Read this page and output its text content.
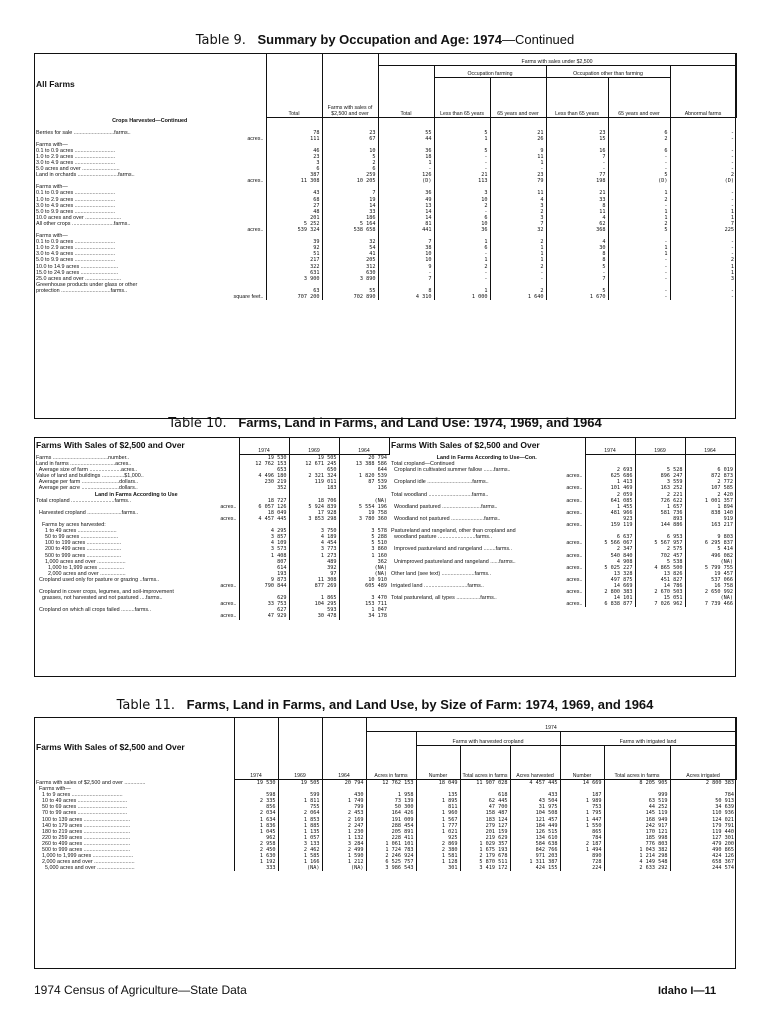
Table 9. Summary by Occupation and Age: 1974—Continued
All Farms	Total	Farms with sales of $2,500 and over	Farms with sales under $2,500					
			Total	Occupation farming		Occupation other than farming		Abnormal farms
				Less than 65 years	65 years and over	Less than 65 years	65 years and over	
Crops Harvested—Continued								
Berries for sale ...........................farms..	78	23	55	5	21	23	6	-
acres..	111	67	44	1	26	15	2	-
Farms with—								
0.1 to 0.9 acres ...........................	46	10	36	5	9	16	6	-
1.0 to 2.9 acres ...........................	23	5	18	-	11	7	-	-
3.0 to 4.9 acres ...........................	3	2	1	-	1	-	-	-
5.0 acres and over .........................	6	6	-	-	-	-	-	-

Land in orchards ...........................farms..	387	259	126	21	23	77	5	2
acres..	11 308	10 205	(D)	113	79	198	(D)	(D)
Farms with—								
0.1 to 0.9 acres ...........................	43	7	36	3	11	21	1	-
1.0 to 2.9 acres ...........................	68	19	49	10	4	33	2	-
3.0 to 4.9 acres ...........................	27	14	13	2	3	8	-	-
5.0 to 9.9 acres ...........................	48	33	14	-	2	11	1	1
10.0 acres and over ........................	201	186	14	6	3	4	1	1

All other crops ............................farms..	5 252	5 164	81	10	7	62	2	7
acres..	539 324	538 658	441	36	32	368	5	225
Farms with—								
0.1 to 0.9 acres ...........................	39	32	7	1	2	4	-	-
1.0 to 2.9 acres ...........................	92	54	38	6	1	30	1	-
3.0 to 4.9 acres ...........................	51	41	10	-	1	8	1	-
5.0 to 9.9 acres ...........................	217	205	10	1	1	8	-	2
10.0 to 14.9 acres .........................	322	312	9	2	2	5	-	1
15.0 to 24.9 acres .........................	631	630	-	-	-	-	-	1
25.0 acres and over ........................	3 900	3 890	7	-	-	7	-	3

Greenhouse products under glass or other								
protection .................................farms..	63	55	8	1	2	5	-	-
square feet..	707 200	702 890	4 310	1 000	1 640	1 670	-	-
Table 10. Farms, Land in Farms, and Land Use: 1974, 1969, and 1964
Farms With Sales of $2,500 and Over	1974	1969	1964
Farms .....................................number..	19 530	19 505	20 794
Land in farms ..............................acres..	12 762 153	12 671 245	13 388 586
Average size of farm .....................acres..	653	650	644
Value of land and buildings ...............$1,000..	4 496 180	2 321 324	1 820 539
Average per farm .........................dollars..	230 219	119 011	87 539
Average per acre .........................dollars..	352	183	136

Land in Farms According to Use			

Total cropland .............................farms..	18 727	18 706	(NA)
acres..	6 057 126	5 924 839	5 554 196
Harvested cropland .......................farms..	18 049	17 928	19 758
acres..	4 457 445	3 853 298	3 780 360
Farms by acres harvested:			
1 to 49 acres ..........................	4 295	3 750	3 578
50 to 99 acres .........................	3 857	4 189	5 288
100 to 199 acres .......................	4 109	4 454	5 510
200 to 499 acres .......................	3 573	3 773	3 860
500 to 999 acres .......................	1 408	1 273	1 160
1,000 acres and over ...................	807	489	362
1,000 to 1,999 acres .................	614	392	(NA)
2,000 acres and over .................	193	97	(NA)

Cropland used only for pasture or grazing ..farms..	9 873	11 308	10 910
acres..	790 844	877 269	605 489
Cropland in cover crops, legumes, and soil-improvement			
grasses, not harvested and not pastured ....farms..	629	1 865	3 470
acres..	33 753	104 295	153 711
Cropland on which all crops failed .........farms..	627	593	1 047
acres..	47 929	30 478	34 178
Farms With Sales of $2,500 and Over	1974	1969	1964

Land in Farms According to Use—Con.			

Total cropland—Continued			
Cropland in cultivated summer fallow .......farms..	2 693	5 528	6 019
acres..	625 686	896 247	872 873
Cropland idle ..............................farms..	1 413	3 559	2 772
acres..	101 469	163 252	107 585

Total woodland .............................farms..	2 059	2 221	2 420
acres..	641 085	726 622	1 001 357
Woodland pastured ..........................farms..	1 455	1 657	1 894
acres..	481 966	581 736	838 140
Woodland not pastured ......................farms..	923	893	919
acres..	159 119	144 886	163 217

Pastureland and rangeland, other than cropland and			
woodland pasture .........................farms..	6 637	6 953	9 803
acres..	5 566 067	5 567 957	6 295 837
Improved pastureland and rangeland ........farms..	2 347	2 575	5 414
acres..	540 840	702 457	496 082
Unimproved pastureland and rangeland ......farms..	4 908	5 538	(NA)
acres..	5 025 227	4 865 500	5 799 755

Other land (see text) ......................farms..	13 328	13 826	19 457
acres..	497 875	451 827	537 066
Irrigated land .............................farms..	14 669	14 786	16 758
acres..	2 800 383	2 670 503	2 650 992
Total pastureland, all types ................farms..	14 101	15 051	(NA)
acres..	6 838 877	7 026 962	7 739 466
Table 11. Farms, Land in Farms, and Land Use, by Size of Farm: 1974, 1969, and 1964
Farms With Sales of $2,500 and Over	1974	1969	1964	1974						
				Acres in farms	Farms with harvested cropland			Farms with irrigated land		
					Number	Total acres in farms	Acres harvested	Number	Total acres in farms	Acres irrigated
Farms with sales of $2,500 and over ..............	19 530	19 505	20 794	12 762 153	18 049	11 907 028	4 457 445	14 669	8 205 905	2 800 383
Farms with—										
1 to 9 acres ..................................	598	599	430	1 958	135	618	433	187	999	784
10 to 49 acres .................................	2 335	1 811	1 749	73 139	1 895	62 445	43 504	1 989	63 519	50 913
50 to 69 acres .................................	856	755	799	50 300	811	47 700	31 975	753	44 252	34 639
70 to 99 acres .................................	2 034	2 064	2 453	164 426	1 960	158 487	104 508	1 795	145 119	110 936
100 to 139 acres ...............................	1 634	1 853	2 169	191 009	1 567	183 124	121 457	1 447	168 949	124 021
140 to 179 acres ...............................	1 836	1 885	2 247	288 454	1 777	279 127	184 449	1 550	242 917	179 791
180 to 219 acres ...............................	1 045	1 135	1 230	205 891	1 021	201 159	126 515	865	170 121	119 440
220 to 259 acres ...............................	962	1 057	1 132	228 411	925	219 629	134 610	784	185 998	127 301
260 to 499 acres ...............................	2 958	3 133	3 284	1 061 101	2 869	1 029 357	584 638	2 187	776 803	479 200
500 to 999 acres ...............................	2 450	2 462	2 499	1 724 783	2 380	1 675 193	842 766	1 494	1 043 382	490 865
1,000 to 1,999 acres ...........................	1 630	1 585	1 590	2 246 924	1 581	2 179 678	971 203	890	1 214 298	424 126
2,000 acres and over ...........................	1 192	1 166	1 212	6 525 757	1 128	5 870 511	1 311 387	728	4 149 548	658 367
5,000 acres and over .........................	333	(NA)	(NA)	3 986 543	301	3 419 172	424 155	224	2 633 292	244 574
1974 Census of Agriculture—State Data	Idaho I—11
